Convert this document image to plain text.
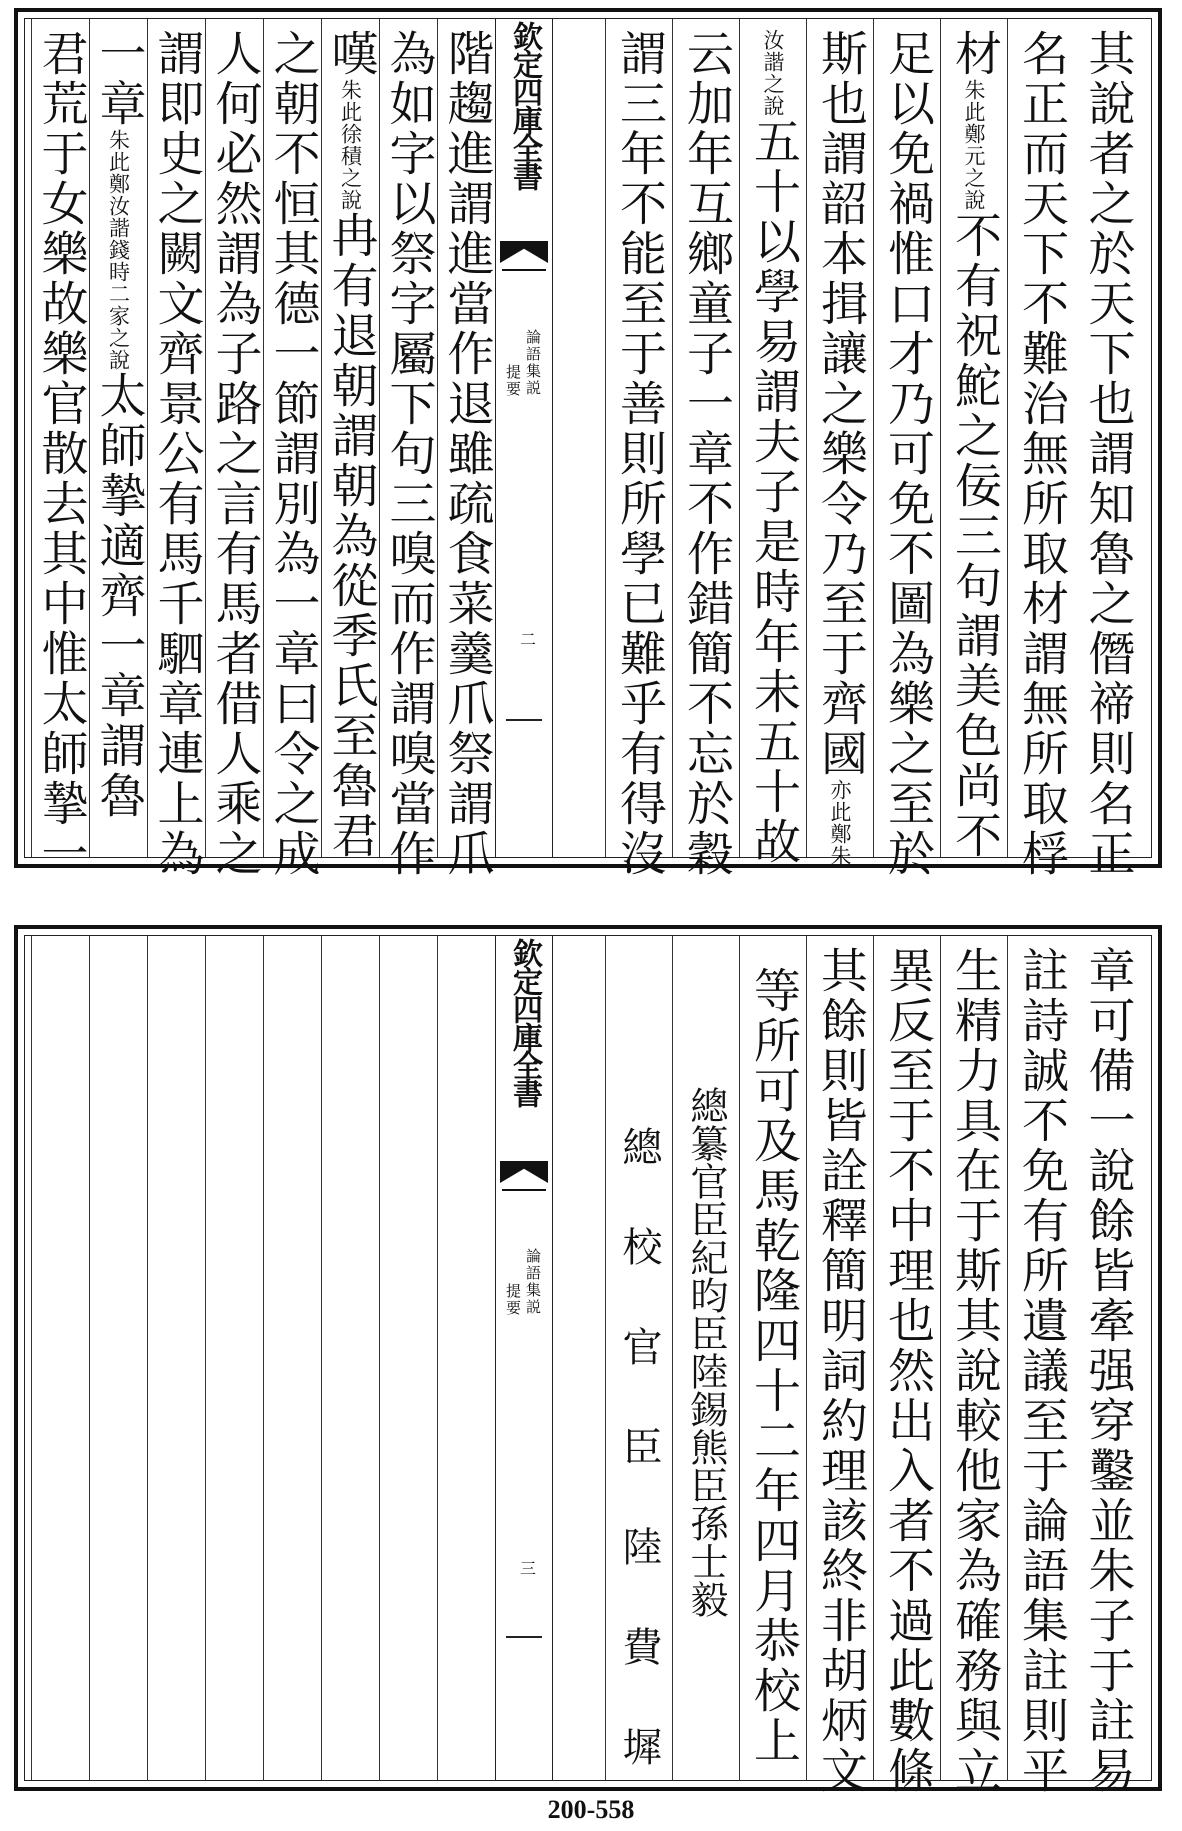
其說者之於天下也謂知魯之僭禘則名正
名正而天下不難治無所取材謂無所取桴
材朱此鄭元之說不有祝鮀之佞三句謂美色尚不
足以免禍惟口才乃可免不圖為樂之至於
斯也謂韶本揖讓之樂令乃至于齊國亦此鄭朱
汝諧之說五十以學易謂夫子是時年未五十故
云加年互鄉童子一章不作錯簡不忘於穀
謂三年不能至于善則所學已難乎有得沒
階趨進謂進當作退雖疏食菜羹爪祭謂爪
為如字以祭字屬下句三嗅而作謂嗅當作
嘆朱此徐積之說冉有退朝謂朝為從季氏至魯君
之朝不恒其德一節謂別為一章曰令之成
人何必然謂為子路之言有馬者借人乘之
謂即史之闕文齊景公有馬千駟章連上為
一章朱此鄭汝諧錢時二家之說太師摯適齊一章謂魯
君荒于女樂故樂官散去其中惟太師摯一	欽定四庫全書
論語集説
提要
二
章可備一說餘皆牽强穿鑿並朱子于註易
註詩誠不免有所遺議至于論語集註則平
生精力具在于斯其說較他家為確務與立
異反至于不中理也然出入者不過此數條
其餘則皆詮釋簡明詞約理該終非胡炳文
等所可及馬乾隆四十二年四月恭校上
總纂官臣紀昀臣陸錫熊臣孫士毅
總　校　官　臣　陸　費　墀
欽定四庫全書
論語集説
提要
三
200-558
